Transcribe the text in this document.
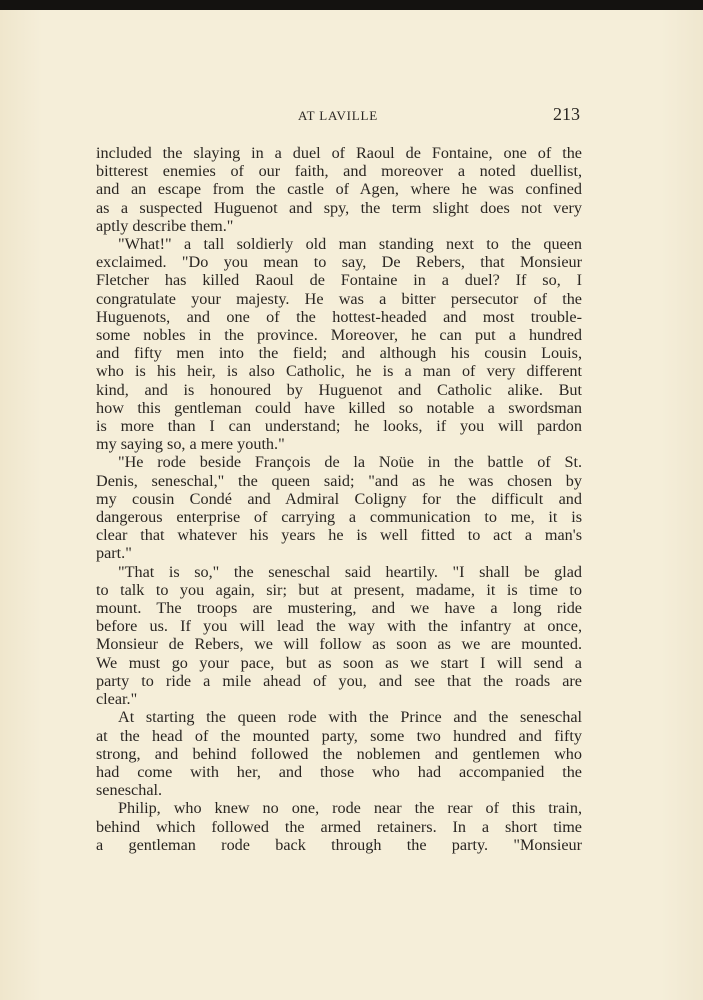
AT LAVILLE	213
included the slaying in a duel of Raoul de Fontaine, one of the
bitterest enemies of our faith, and moreover a noted duellist,
and an escape from the castle of Agen, where he was confined
as a suspected Huguenot and spy, the term slight does not very
aptly describe them."
"What!" a tall soldierly old man standing next to the queen
exclaimed. "Do you mean to say, De Rebers, that Monsieur
Fletcher has killed Raoul de Fontaine in a duel? If so, I
congratulate your majesty. He was a bitter persecutor of the
Huguenots, and one of the hottest-headed and most trouble-
some nobles in the province. Moreover, he can put a hundred
and fifty men into the field; and although his cousin Louis,
who is his heir, is also Catholic, he is a man of very different
kind, and is honoured by Huguenot and Catholic alike. But
how this gentleman could have killed so notable a swordsman
is more than I can understand; he looks, if you will pardon
my saying so, a mere youth."
"He rode beside François de la Noüe in the battle of St.
Denis, seneschal," the queen said; "and as he was chosen by
my cousin Condé and Admiral Coligny for the difficult and
dangerous enterprise of carrying a communication to me, it is
clear that whatever his years he is well fitted to act a man's
part."
"That is so," the seneschal said heartily. "I shall be glad
to talk to you again, sir; but at present, madame, it is time to
mount. The troops are mustering, and we have a long ride
before us. If you will lead the way with the infantry at once,
Monsieur de Rebers, we will follow as soon as we are mounted.
We must go your pace, but as soon as we start I will send a
party to ride a mile ahead of you, and see that the roads are
clear."
At starting the queen rode with the Prince and the seneschal
at the head of the mounted party, some two hundred and fifty
strong, and behind followed the noblemen and gentlemen who
had come with her, and those who had accompanied the
seneschal.
Philip, who knew no one, rode near the rear of this train,
behind which followed the armed retainers. In a short time
a gentleman rode back through the party. "Monsieur
